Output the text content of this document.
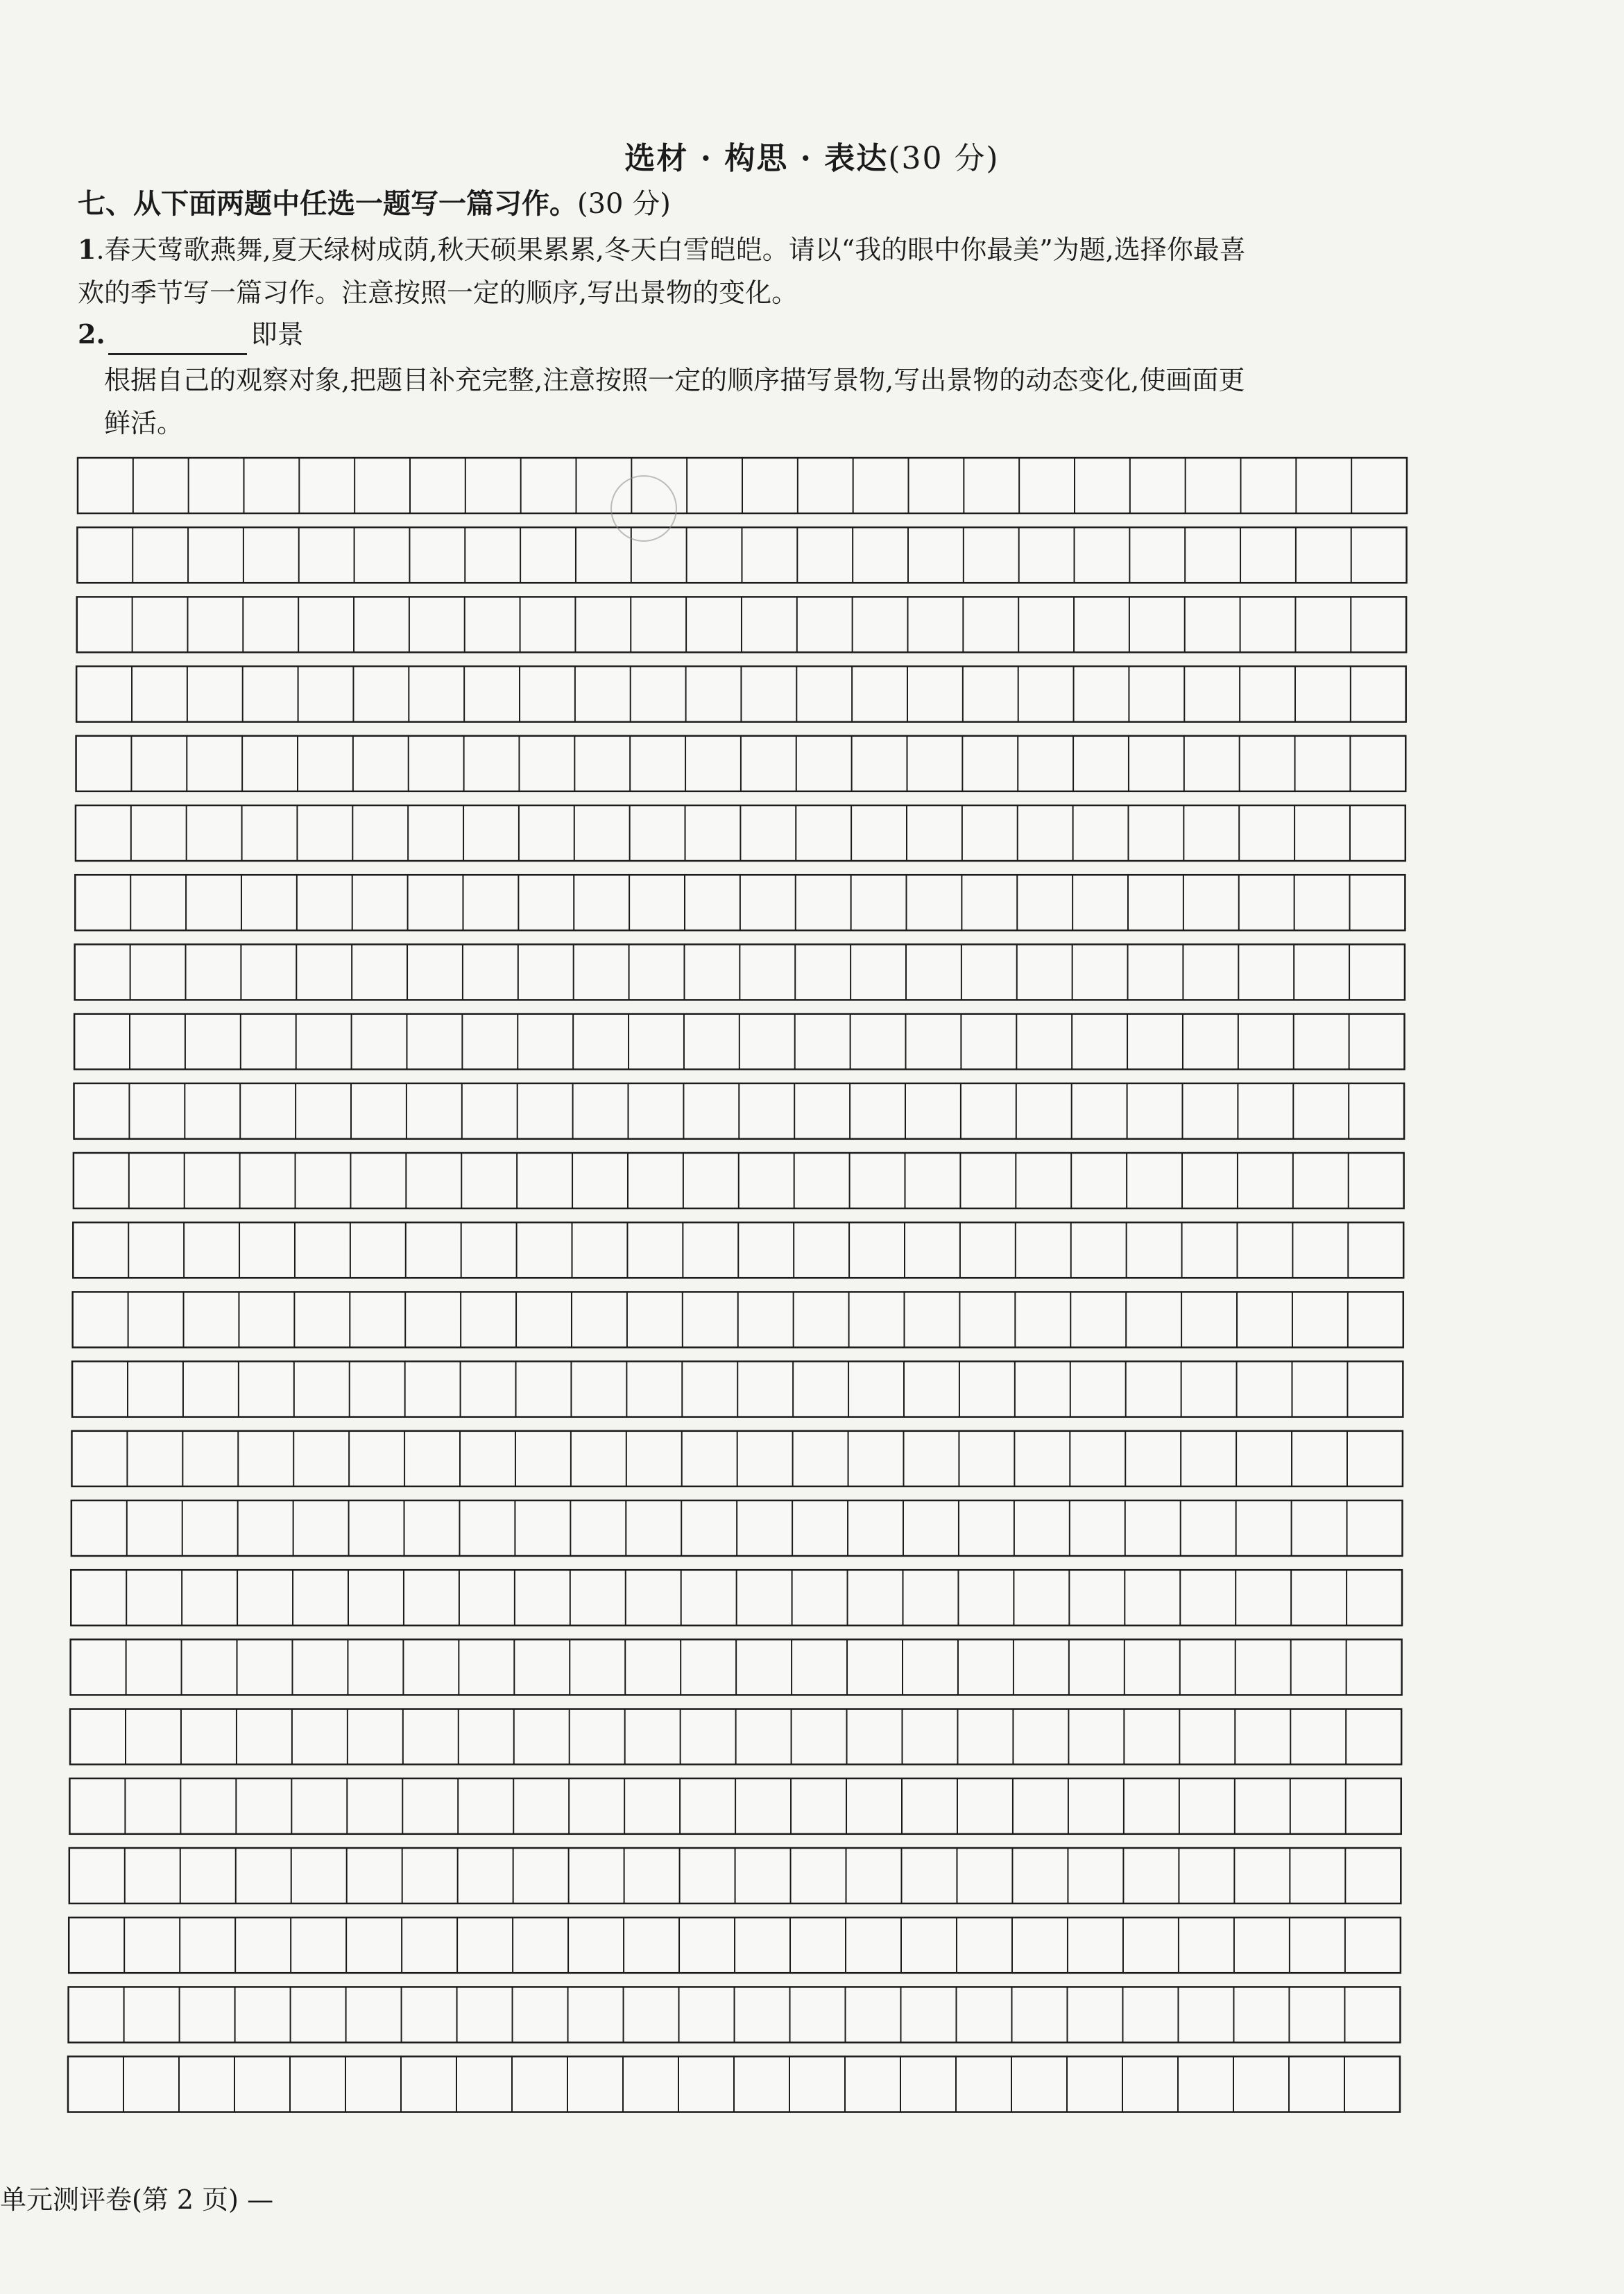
选材 · 构思 · 表达(30 分)
七、从下面两题中任选一题写一篇习作。(30 分)
1.春天莺歌燕舞,夏天绿树成荫,秋天硕果累累,冬天白雪皑皑。请以“我的眼中你最美”为题,选择你最喜
欢的季节写一篇习作。注意按照一定的顺序,写出景物的变化。
2.	即景
根据自己的观察对象,把题目补充完整,注意按照一定的顺序描写景物,写出景物的动态变化,使画面更
鲜活。
单元测评卷(第 2 页) —
